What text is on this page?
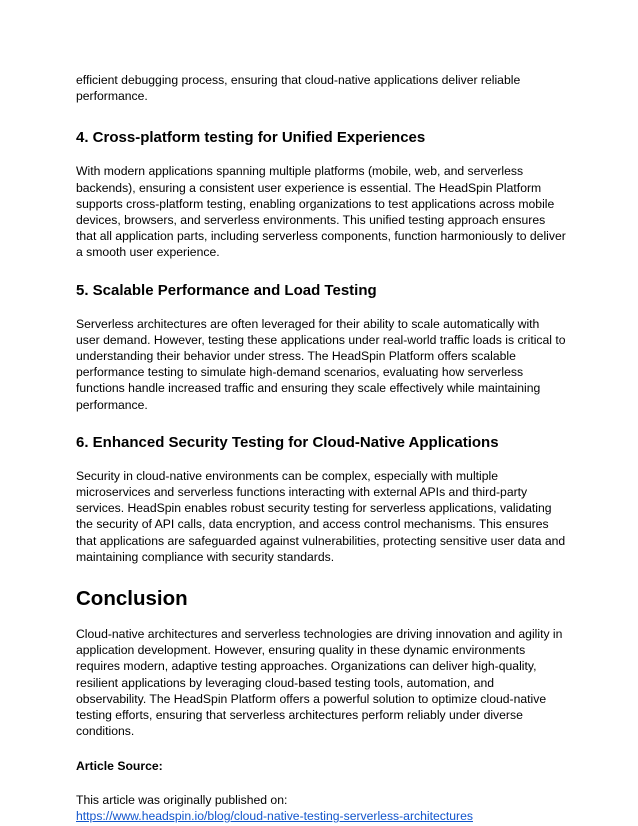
efficient debugging process, ensuring that cloud-native applications deliver reliable performance.

4. Cross-platform testing for Unified Experiences

With modern applications spanning multiple platforms (mobile, web, and serverless backends), ensuring a consistent user experience is essential. The HeadSpin Platform supports cross-platform testing, enabling organizations to test applications across mobile devices, browsers, and serverless environments. This unified testing approach ensures that all application parts, including serverless components, function harmoniously to deliver a smooth user experience.

5. Scalable Performance and Load Testing

Serverless architectures are often leveraged for their ability to scale automatically with user demand. However, testing these applications under real-world traffic loads is critical to understanding their behavior under stress. The HeadSpin Platform offers scalable performance testing to simulate high-demand scenarios, evaluating how serverless functions handle increased traffic and ensuring they scale effectively while maintaining performance.

6. Enhanced Security Testing for Cloud-Native Applications

Security in cloud-native environments can be complex, especially with multiple microservices and serverless functions interacting with external APIs and third-party services. HeadSpin enables robust security testing for serverless applications, validating the security of API calls, data encryption, and access control mechanisms. This ensures that applications are safeguarded against vulnerabilities, protecting sensitive user data and maintaining compliance with security standards.

Conclusion

Cloud-native architectures and serverless technologies are driving innovation and agility in application development. However, ensuring quality in these dynamic environments requires modern, adaptive testing approaches. Organizations can deliver high-quality, resilient applications by leveraging cloud-based testing tools, automation, and observability. The HeadSpin Platform offers a powerful solution to optimize cloud-native testing efforts, ensuring that serverless architectures perform reliably under diverse conditions.

Article Source:

This article was originally published on:

https://www.headspin.io/blog/cloud-native-testing-serverless-architectures
